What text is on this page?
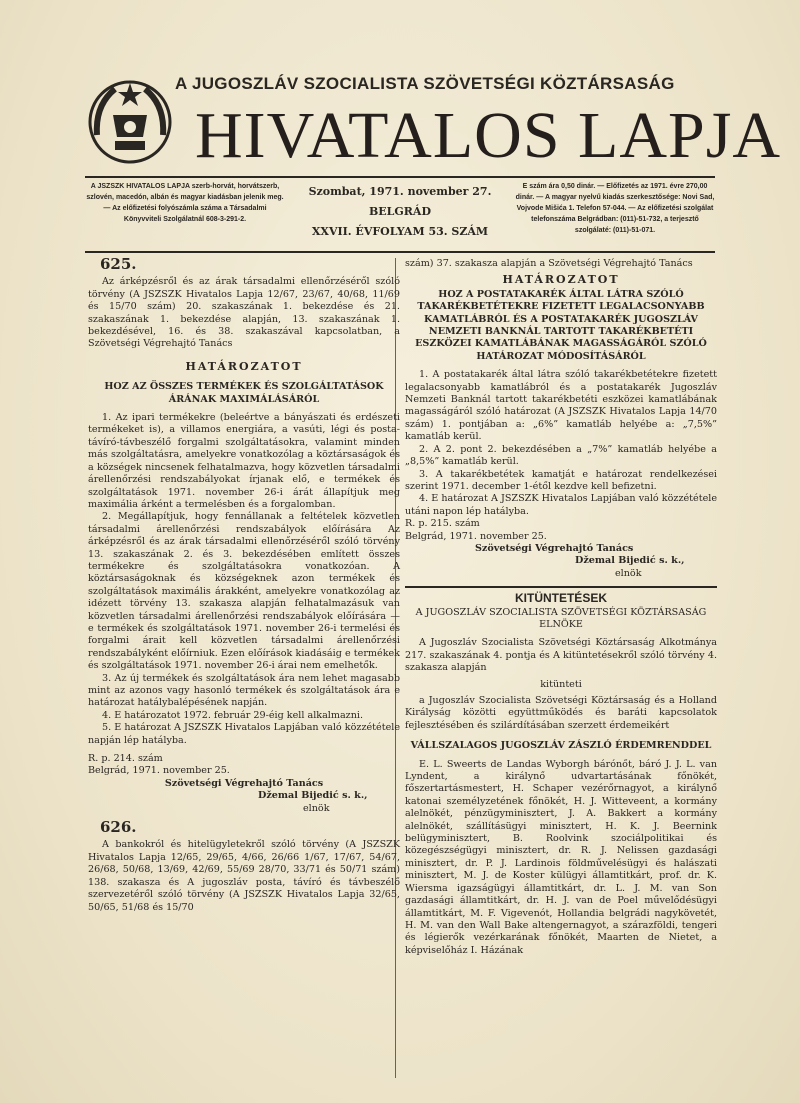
A JUGOSZLÁV SZOCIALISTA SZÖVETSÉGI KÖZTÁRSASÁG
HIVATALOS LAPJA
A JSZSZK HIVATALOS LAPJA szerb-horvát, horvátszerb, szlovén, macedón, albán és magyar kiadásban jelenik meg. — Az előfizetési folyószámla száma a Társadalmi Könyvviteli Szolgálatnál 608-3-291-2.
Szombat, 1971. november 27.
BELGRÁD
XXVII. ÉVFOLYAM 53. SZÁM
E szám ára 0,50 dinár. — Előfizetés az 1971. évre 270,00 dinár. — A magyar nyelvű kiadás szerkesztősége: Novi Sad, Vojvode Mišića 1. Telefon 57-044. — Az előfizetési szolgálat telefonszáma Belgrádban: (011)-51-732, a terjesztő szolgálaté: (011)-51-071.
625.

Az árképzésről és az árak társadalmi ellenőrzéséről szóló törvény (A JSZSZK Hivatalos Lapja 12/67, 23/67, 40/68, 11/69 és 15/70 szám) 20. szakaszának 1. bekezdése és 21. szakaszának 1. bekezdése alapján, 13. szakaszának 1. bekezdésével, 16. és 38. szakaszával kapcsolatban, a Szövetségi Végrehajtó Tanács

HATÁROZATOT
HOZ AZ ÖSSZES TERMÉKEK ÉS SZOLGÁLTATÁSOK ÁRÁNAK MAXIMÁLÁSÁRÓL

1. Az ipari termékekre (beleértve a bányászati és erdészeti termékeket is), a villamos energiára, a vasúti, légi és posta-távíró-távbeszélő forgalmi szolgáltatásokra, valamint minden más szolgáltatásra, amelyekre vonatkozólag a köztársaságok és a községek nincsenek felhatalmazva, hogy közvetlen társadalmi árellenőrzési rendszabályokat írjanak elő, e termékek és szolgáltatások 1971. november 26-i árát állapítjuk meg maximália árként a termelésben és a forgalomban.

2. Megállapítjuk, hogy fennállanak a feltételek közvetlen társadalmi árellenőrzési rendszabályok előírására Az árképzésről és az árak társadalmi ellenőrzéséről szóló törvény 13. szakaszának 2. és 3. bekezdésében említett összes termékekre és szolgáltatásokra vonatkozóan. A köztársaságoknak és községeknek azon termékek és szolgáltatások maximális árakként, amelyekre vonatkozólag az idézett törvény 13. szakasza alapján felhatalmazásuk van közvetlen társadalmi árellenőrzési rendszabályok előírására — e termékek és szolgáltatások 1971. november 26-i termelési és forgalmi árait kell közvetlen társadalmi árellenőrzési rendszabályként előírniuk. Ezen előírások kiadásáig e termékek és szolgáltatások 1971. november 26-i árai nem emelhetők.

3. Az új termékek és szolgáltatások ára nem lehet magasabb mint az azonos vagy hasonló termékek és szolgáltatások ára e határozat hatálybalépésének napján.

4. E határozatot 1972. február 29-éig kell alkalmazni.

5. E határozat A JSZSZK Hivatalos Lapjában való közzététele napján lép hatályba.

R. p. 214. szám

Belgrád, 1971. november 25.

Szövetségi Végrehajtó Tanács

Džemal Bijedić s. k.,

elnök

626.

A bankokról és hitelügyletekről szóló törvény (A JSZSZK Hivatalos Lapja 12/65, 29/65, 4/66, 26/66 1/67, 17/67, 54/67, 26/68, 50/68, 13/69, 42/69, 55/69 28/70, 33/71 és 50/71 szám) 138. szakasza és A jugoszláv posta, távíró és távbeszélő szervezetéről szóló törvény (A JSZSZK Hivatalos Lapja 32/65, 50/65, 51/68 és 15/70

szám) 37. szakasza alapján a Szövetségi Végrehajtó Tanács

HATÁROZATOT
HOZ A POSTATAKARÉK ÁLTAL LÁTRA SZÓLÓ TAKARÉKBETÉTEKRE FIZETETT LEGALACSONYABB KAMATLÁBRÓL ÉS A POSTATAKARÉK JUGOSZLÁV NEMZETI BANKNÁL TARTOTT TAKARÉKBETÉTI ESZKÖZEI KAMATLÁBÁNAK MAGASSÁGÁRÓL SZÓLÓ HATÁROZAT MÓDOSÍTÁSÁRÓL

1. A postatakarék által látra szóló takarékbetétekre fizetett legalacsonyabb kamatlábról és a postatakarék Jugoszláv Nemzeti Banknál tartott takarékbetéti eszközei kamatlábának magasságáról szóló határozat (A JSZSZK Hivatalos Lapja 14/70 szám) 1. pontjában a: „6%” kamatláb helyébe a: „7,5%” kamatláb kerül.

2. A 2. pont 2. bekezdésében a „7%” kamatláb helyébe a „8,5%” kamatláb kerül.

3. A takarékbetétek kamatját e határozat rendelkezései szerint 1971. december 1-étől kezdve kell befizetni.

4. E határozat A JSZSZK Hivatalos Lapjában való közzététele utáni napon lép hatályba.

R. p. 215. szám

Belgrád, 1971. november 25.

Szövetségi Végrehajtó Tanács

Džemal Bijedić s. k.,

elnök

KITÜNTETÉSEK
A JUGOSZLÁV SZOCIALISTA SZÖVETSÉGI KÖZTÁRSASÁG ELNÖKE

A Jugoszláv Szocialista Szövetségi Köztársaság Alkotmánya 217. szakaszának 4. pontja és A kitüntetésekről szóló törvény 4. szakasza alapján

kitünteti

a Jugoszláv Szocialista Szövetségi Köztársaság és a Holland Királyság közötti együttműködés és baráti kapcsolatok fejlesztésében és szilárdításában szerzett érdemeikért

VÁLLSZALAGOS JUGOSZLÁV ZÁSZLÓ ÉRDEMRENDDEL

E. L. Sweerts de Landas Wyborgh bárónőt, báró J. J. L. van Lyndent, a királynő udvartartásának főnökét, főszertartásmestert, H. Schaper vezérőrnagyot, a királynő katonai személyzetének főnökét, H. J. Witteveent, a kormány alelnökét, pénzügyminisztert, J. A. Bakkert a kormány alelnökét, szállításügyi minisztert, H. K. J. Beernink belügyminisztert, B. Roolvink szociálpolitikai és közegészségügyi minisztert, dr. R. J. Nelissen gazdasági minisztert, dr. P. J. Lardinois földművelésügyi és halászati minisztert, M. J. de Koster külügyi államtitkárt, prof. dr. K. Wiersma igazságügyi államtitkárt, dr. L. J. M. van Son gazdasági államtitkárt, dr. H. J. van de Poel művelődésügyi államtitkárt, M. F. Vigevenót, Hollandia belgrádi nagykövetét, H. M. van den Wall Bake altengernagyot, a szárazföldi, tengeri és légierők vezérkarának főnökét, Maarten de Nietet, a képviselőház I. Házának
